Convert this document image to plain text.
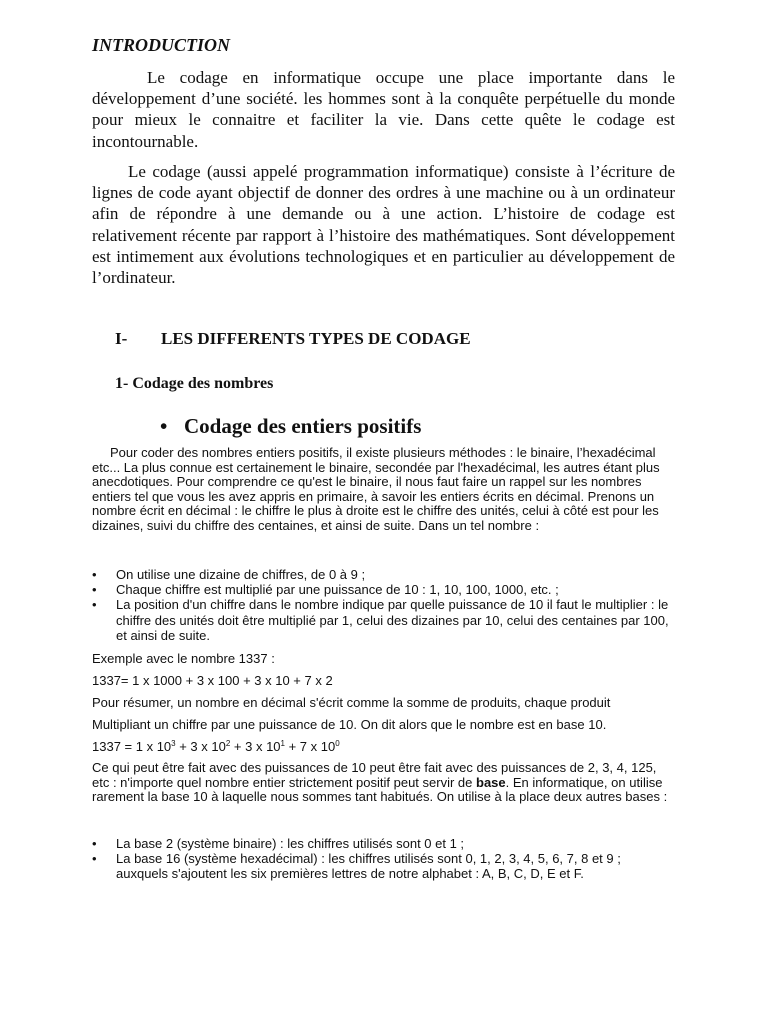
INTRODUCTION

Le codage en informatique occupe une place importante dans le développement d’une société. les hommes sont à la conquête perpétuelle du monde pour mieux le connaitre et faciliter la vie. Dans cette quête le codage est incontournable.

Le codage (aussi appelé programmation informatique) consiste à l’écriture de lignes de code ayant objectif de donner des ordres à une machine ou à un ordinateur afin de répondre à une demande ou à une action. L’histoire de codage est relativement récente par rapport à l’histoire des mathématiques. Sont développement est intimement aux évolutions technologiques et en particulier au développement de l’ordinateur.

I- LES DIFFERENTS TYPES DE CODAGE
1- Codage des nombres
• Codage des entiers positifs

Pour coder des nombres entiers positifs, il existe plusieurs méthodes : le binaire, l’hexadécimal etc... La plus connue est certainement le binaire, secondée par l'hexadécimal, les autres étant plus anecdotiques. Pour comprendre ce qu'est le binaire, il nous faut faire un rappel sur les nombres entiers tel que vous les avez appris en primaire, à savoir les entiers écrits en décimal. Prenons un nombre écrit en décimal : le chiffre le plus à droite est le chiffre des unités, celui à côté est pour les dizaines, suivi du chiffre des centaines, et ainsi de suite. Dans un tel nombre :

• On utilise une dizaine de chiffres, de 0 à 9 ;
• Chaque chiffre est multiplié par une puissance de 10 : 1, 10, 100, 1000, etc. ;
• La position d'un chiffre dans le nombre indique par quelle puissance de 10 il faut le multiplier : le chiffre des unités doit être multiplié par 1, celui des dizaines par 10, celui des centaines par 100, et ainsi de suite.
Exemple avec le nombre 1337 :
1337= 1 x 1000 + 3 x 100 + 3 x 10 + 7 x 2
Pour résumer, un nombre en décimal s'écrit comme la somme de produits, chaque produit
Multipliant un chiffre par une puissance de 10. On dit alors que le nombre est en base 10.
1337 = 1 x $10^3 + 3$ x $10^2 + 3$ x $10^1 + 7$ x $10^0$

Ce qui peut être fait avec des puissances de 10 peut être fait avec des puissances de 2, 3, 4, 125, etc : n'importe quel nombre entier strictement positif peut servir de base. En informatique, on utilise rarement la base 10 à laquelle nous sommes tant habitués. On utilise à la place deux autres bases :

• La base 2 (système binaire) : les chiffres utilisés sont 0 et 1 ;
• La base 16 (système hexadécimal) : les chiffres utilisés sont 0, 1, 2, 3, 4, 5, 6, 7, 8 et 9 ; auxquels s'ajoutent les six premières lettres de notre alphabet : A, B, C, D, E et F.
